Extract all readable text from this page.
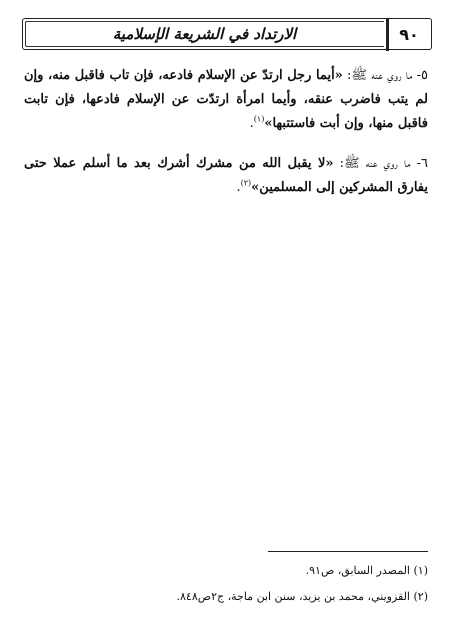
الارتداد في الشريعة الإسلامية	٩٠

٥- ما روي عنه ﷺ: «أيما رجل ارتدّ عن الإسلام فادعه، فإن تاب فاقبل منه، وإن لم يتب فاضرب عنقه، وأيما امرأة ارتدّت عن الإسلام فادعها، فإن تابت فاقبل منها، وإن أبت فاستتبها»$^{(١)}$.

٦- ما روي عنه ﷺ: «لا يقبل الله من مشرك أشرك بعد ما أسلم عملا حتى يفارق المشركين إلى المسلمين»$^{(٢)}$.

(١) المصدر السابق، ص٩١.

(٢) القزويني، محمد بن يزيد، سنن ابن ماجة، ج٢ص٨٤٨.
